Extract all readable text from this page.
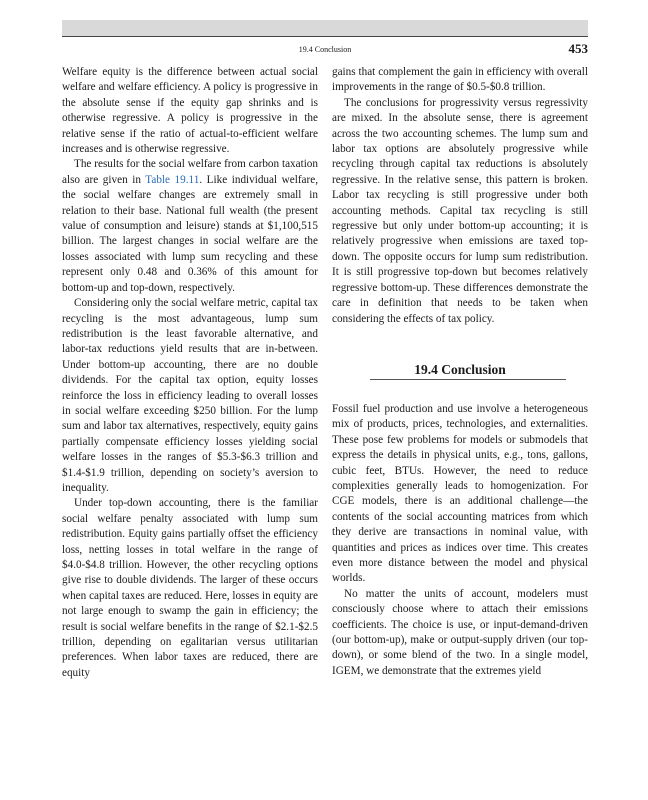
19.4 Conclusion	453

Welfare equity is the difference between actual social welfare and welfare efficiency. A policy is progressive in the absolute sense if the equity gap shrinks and is otherwise regressive. A policy is progressive in the relative sense if the ratio of actual-to-efficient welfare increases and is otherwise regressive.

The results for the social welfare from carbon taxation also are given in Table 19.11. Like individual welfare, the social welfare changes are extremely small in relation to their base. National full wealth (the present value of consumption and leisure) stands at $1,100,515 billion. The largest changes in social welfare are the losses associated with lump sum recycling and these represent only 0.48 and 0.36% of this amount for bottom-up and top-down, respectively.

Considering only the social welfare metric, capital tax recycling is the most advantageous, lump sum redistribution is the least favorable alternative, and labor-tax reductions yield results that are in-between. Under bottom-up accounting, there are no double dividends. For the capital tax option, equity losses reinforce the loss in efficiency leading to overall losses in social welfare exceeding $250 billion. For the lump sum and labor tax alternatives, respectively, equity gains partially compensate efficiency losses yielding social welfare losses in the ranges of $5.3-$6.3 trillion and $1.4-$1.9 trillion, depending on society’s aversion to inequality.

Under top-down accounting, there is the familiar social welfare penalty associated with lump sum redistribution. Equity gains partially offset the efficiency loss, netting losses in total welfare in the range of $4.0-$4.8 trillion. However, the other recycling options give rise to double dividends. The larger of these occurs when capital taxes are reduced. Here, losses in equity are not large enough to swamp the gain in efficiency; the result is social welfare benefits in the range of $2.1-$2.5 trillion, depending on egalitarian versus utilitarian preferences. When labor taxes are reduced, there are equity

gains that complement the gain in efficiency with overall improvements in the range of $0.5-$0.8 trillion.

The conclusions for progressivity versus regressivity are mixed. In the absolute sense, there is agreement across the two accounting schemes. The lump sum and labor tax options are absolutely progressive while recycling through capital tax reductions is absolutely regressive. In the relative sense, this pattern is broken. Labor tax recycling is still progressive under both accounting methods. Capital tax recycling is still regressive but only under bottom-up accounting; it is relatively progressive when emissions are taxed top-down. The opposite occurs for lump sum redistribution. It is still progressive top-down but becomes relatively regressive bottom-up. These differences demonstrate the care in definition that needs to be taken when considering the effects of tax policy.

19.4 Conclusion

Fossil fuel production and use involve a heterogeneous mix of products, prices, technologies, and externalities. These pose few problems for models or submodels that express the details in physical units, e.g., tons, gallons, cubic feet, BTUs. However, the need to reduce complexities generally leads to homogenization. For CGE models, there is an additional challenge—the contents of the social accounting matrices from which they derive are transactions in nominal value, with quantities and prices as indices over time. This creates even more distance between the model and physical worlds.

No matter the units of account, modelers must consciously choose where to attach their emissions coefficients. The choice is use, or input-demand-driven (our bottom-up), make or output-supply driven (our top-down), or some blend of the two. In a single model, IGEM, we demonstrate that the extremes yield
